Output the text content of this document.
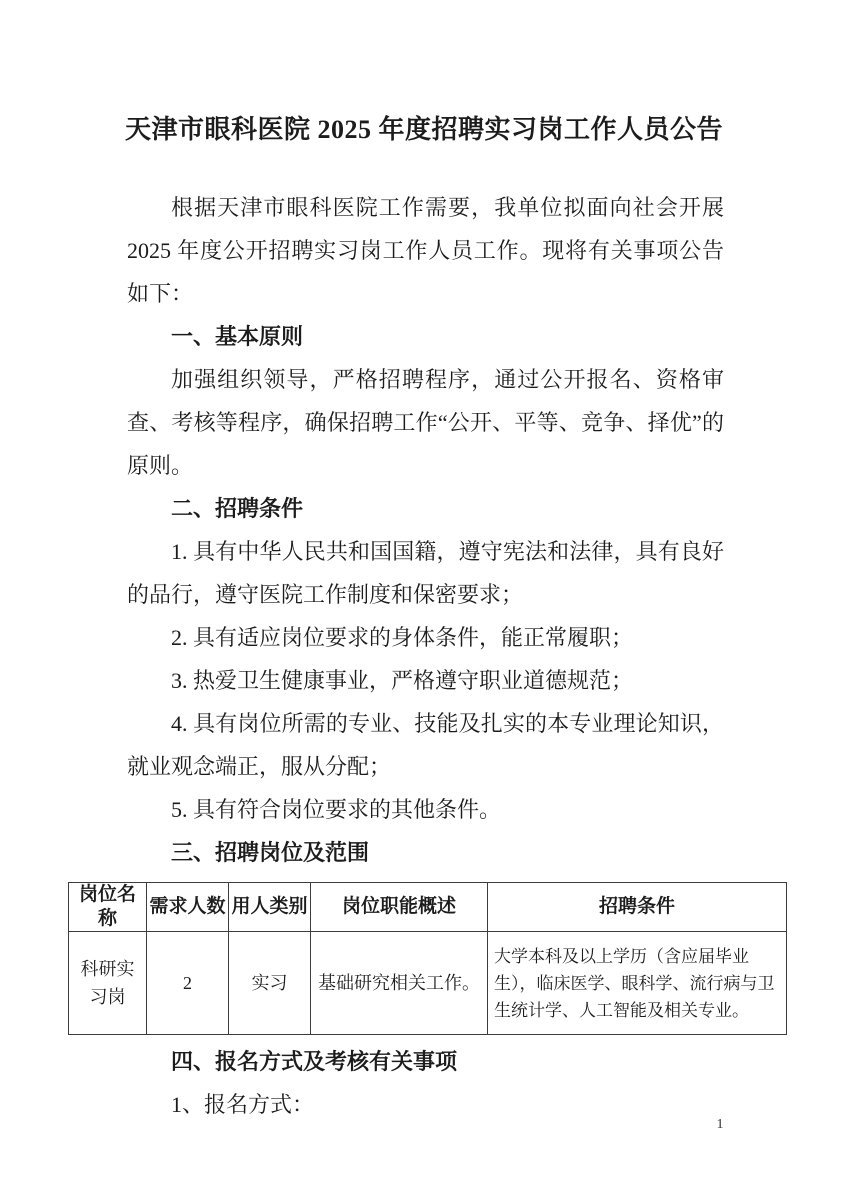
天津市眼科医院 2025 年度招聘实习岗工作人员公告

根据天津市眼科医院工作需要，我单位拟面向社会开展 2025 年度公开招聘实习岗工作人员工作。现将有关事项公告如下：

一、基本原则

加强组织领导，严格招聘程序，通过公开报名、资格审查、考核等程序，确保招聘工作“公开、平等、竞争、择优”的原则。

二、招聘条件

1. 具有中华人民共和国国籍，遵守宪法和法律，具有良好的品行，遵守医院工作制度和保密要求；

2. 具有适应岗位要求的身体条件，能正常履职；

3. 热爱卫生健康事业，严格遵守职业道德规范；

4. 具有岗位所需的专业、技能及扎实的本专业理论知识，就业观念端正，服从分配；

5. 具有符合岗位要求的其他条件。

三、招聘岗位及范围

岗位名称	需求人数	用人类别	岗位职能概述	招聘条件
科研实习岗	2	实习	基础研究相关工作。	大学本科及以上学历（含应届毕业生），临床医学、眼科学、流行病与卫生统计学、人工智能及相关专业。

四、报名方式及考核有关事项

1、报名方式：

1
